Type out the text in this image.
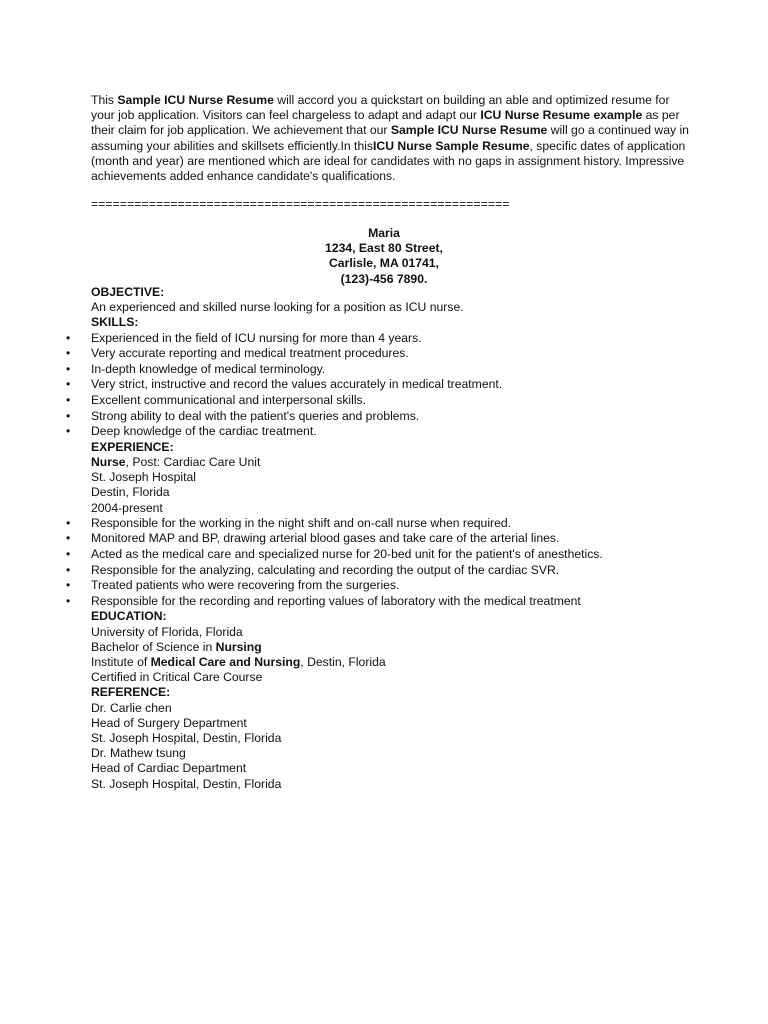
This Sample ICU Nurse Resume will accord you a quickstart on building an able and optimized resume for your job application. Visitors can feel chargeless to adapt and adapt our ICU Nurse Resume example as per their claim for job application. We achievement that our Sample ICU Nurse Resume will go a continued way in assuming your abilities and skillsets efficiently.In thisICU Nurse Sample Resume, specific dates of application (month and year) are mentioned which are ideal for candidates with no gaps in assignment history. Impressive achievements added enhance candidate's qualifications.

==========================================================
Maria
1234, East 80 Street,
Carlisle, MA 01741,
(123)-456 7890.
OBJECTIVE:
An experienced and skilled nurse looking for a position as ICU nurse.
SKILLS:
• Experienced in the field of ICU nursing for more than 4 years.
• Very accurate reporting and medical treatment procedures.
• In-depth knowledge of medical terminology.
• Very strict, instructive and record the values accurately in medical treatment.
• Excellent communicational and interpersonal skills.
• Strong ability to deal with the patient's queries and problems.
• Deep knowledge of the cardiac treatment.
EXPERIENCE:
Nurse, Post: Cardiac Care Unit
St. Joseph Hospital
Destin, Florida
2004-present
• Responsible for the working in the night shift and on-call nurse when required.
• Monitored MAP and BP, drawing arterial blood gases and take care of the arterial lines.
• Acted as the medical care and specialized nurse for 20-bed unit for the patient's of anesthetics.
• Responsible for the analyzing, calculating and recording the output of the cardiac SVR.
• Treated patients who were recovering from the surgeries.
• Responsible for the recording and reporting values of laboratory with the medical treatment
EDUCATION:
University of Florida, Florida
Bachelor of Science in Nursing
Institute of Medical Care and Nursing, Destin, Florida
Certified in Critical Care Course
REFERENCE:
Dr. Carlie chen
Head of Surgery Department
St. Joseph Hospital, Destin, Florida
Dr. Mathew tsung
Head of Cardiac Department
St. Joseph Hospital, Destin, Florida
